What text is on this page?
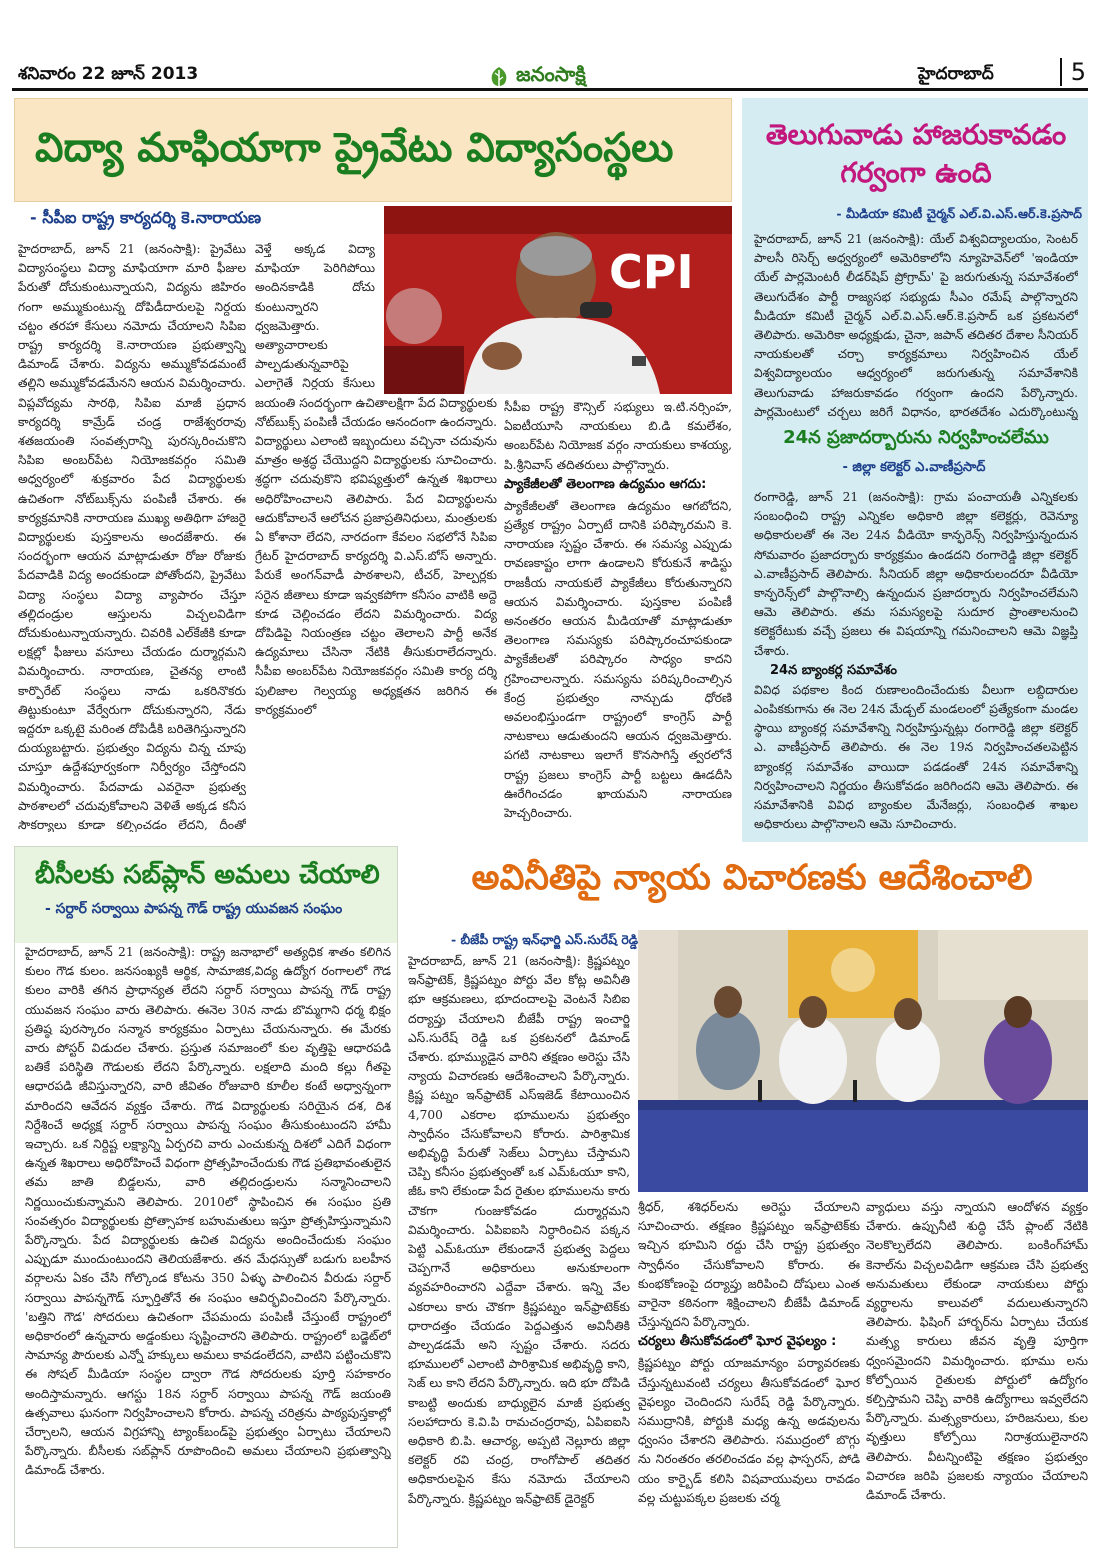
శనివారం 22 జూన్ 2013	జనంసాక్షి	హైదరాబాద్	5
విద్యా మాఫియాగా ప్రైవేటు విద్యాసంస్థలు
- సీపీఐ రాష్ట్ర కార్యదర్శి కె.నారాయణ
CPI
హైదరాబాద్, జూన్ 21 (జనంసాక్షి): ప్రైవేటు విద్యాసంస్థలు విద్యా మాఫియాగా మారి ఫీజుల పేరుతో దోచుకుంటున్నాయని, విద్యను జిహిరం గంగా అమ్ముకుంటున్న దోపిడీదారులపై నిర్దయ చట్టం తరహా కేసులు నమోదు చేయాలని సిపిఐ రాష్ట్ర కార్యదర్శి కె.నారాయణ ప్రభుత్వాన్ని డిమాండ్ చేశారు. విద్యను అమ్ముకోవడమంటే తల్లిని అమ్ముకోవడమేనని ఆయన విమర్శించారు. విప్లవోద్యమ సారథి, సిపిఐ మాజీ ప్రధాన కార్యదర్శి కామ్రేడ్ చండ్ర రాజేశ్వరరావు శతజయంతి సంవత్సరాన్ని పురస్కరించుకొని సిపిఐ అంబర్‌పేట నియోజకవర్గం సమితి అధ్వర్యంలో శుక్రవారం పేద విద్యార్థులకు ఉచితంగా నోట్‌బుక్స్‌ను పంపిణీ చేశారు. ఈ కార్యక్రమానికి నారాయణ ముఖ్య అతిథిగా హాజరై విద్యార్థులకు పుస్తకాలను అందజేశారు. ఈ సందర్భంగా ఆయన మాట్లాడుతూ రోజు రోజుకు పేదవాడికి విద్య అందకుండా పోతోందని, ప్రైవేటు విద్యా సంస్థలు విద్యా వ్యాపారం చేస్తూ తల్లిదండ్రుల ఆస్తులను విచ్చలవిడిగా దోచుకుంటున్నాయన్నారు. చివరికి ఎల్‌కేజీకి కూడా లక్షల్లో ఫీజులు వసూలు చేయడం దుర్మార్గమని విమర్శించారు. నారాయణ, చైతన్య లాంటి కార్పొరేట్ సంస్థలు నాడు ఒకరినొకరు తిట్టుకుంటూ వేర్వేరుగా దోచుకున్నారని, నేడు ఇద్దరూ ఒక్కటై మరింత దోపిడీకి బరితెగిస్తున్నారని దుయ్యబట్టారు. ప్రభుత్వం విద్యను చిన్న చూపు చూస్తూ ఉద్దేశపూర్వకంగా నిర్వీర్యం చేస్తోందని విమర్శించారు. పేదవాడు ఎవరైనా ప్రభుత్వ పాఠశాలలో చదువుకోవాలని వెళితే అక్కడ కనీస సౌకర్యాలు కూడా కల్పించడం లేదని, దీంతో
వెళ్తే అక్కడ విద్యా మాఫియా పెరిగిపోయి అందినకాడికి దోచు కుంటున్నారని ధ్వజమెత్తారు. అత్యాచారాలకు పాల్పడుతున్నవారిపై ఎలాగైతే నిర్దయ కేసులు
జయంతి సందర్భంగా ఉచితాలక్షిగా పేద విద్యార్థులకు నోట్‌బుక్స్ పంపిణీ చేయడం ఆనందంగా ఉందన్నారు. విద్యార్థులు ఎలాంటి ఇబ్బందులు వచ్చినా చదువును మాత్రం అశ్రద్ధ చేయొద్దని విద్యార్థులకు సూచించారు. శ్రద్ధగా చదువుకొని భవిష్యత్తులో ఉన్నత శిఖరాలు అధిరోహించాలని తెలిపారు. పేద విద్యార్థులను ఆదుకోవాలనే ఆలోచన ప్రజాప్రతినిధులు, మంత్రులకు ఏ కోశానా లేదని, నారదంగా కేవలం సభలోనే సిపిఐ గ్రేటర్ హైదరాబాద్ కార్యదర్శి వి.ఎస్.బోస్ అన్నారు. పేరుకే అంగన్‌వాడీ పాఠశాలని, టీచర్, హెల్పర్లకు సరైన జీతాలు కూడా ఇవ్వకపోగా కనీసం వాటికి అద్దె కూడ చెల్లించడం లేదని విమర్శించారు. విద్య దోపిడిపై నియంత్రణ చట్టం తెలాలని పార్టీ అనేక ఉద్యమాలు చేసినా నేటికి తీసుకురాలేదన్నారు. సీపీఐ అంబర్‌పేట నియోజకవర్గం సమితి కార్య దర్శి పులిజాల గెల్వయ్య అధ్యక్షతన జరిగిన ఈ కార్యక్రమంలో
సీపీఐ రాష్ట్ర కౌన్సిల్ సభ్యులు ఇ.టి.నర్సింహ, ఏఐటీయూసి నాయకులు బి.డి కమలేశం, అంబర్‌పేట నియోజక వర్గం నాయకులు కాశయ్య, పి.శ్రీనివాస్ తదితరులు పాల్గొన్నారు.
ప్యాకేజీలతో తెలంగాణ ఉద్యమం ఆగదు:
ప్యాకేజీలతో తెలంగాణ ఉద్యమం ఆగబోదని, ప్రత్యేక రాష్ట్రం ఏర్పాటే దానికి పరిష్కారమని కె. నారాయణ స్పష్టం చేశారు. ఈ సమస్య ఎప్పుడు రావణకాష్టం లాగా ఉండాలని కోరుకునే శాడిస్టు రాజకీయ నాయకులే ప్యాకేజీలు కోరుతున్నారని ఆయన విమర్శించారు. పుస్తకాల పంపిణీ అనంతరం ఆయన మీడియాతో మాట్లాడుతూ తెలంగాణ సమస్యకు పరిష్కారంచూపకుండా ప్యాకేజీలతో పరిష్కారం సాధ్యం కాదని గ్రహించాలన్నారు. సమస్యను పరిష్కరించాల్సిన కేంద్ర ప్రభుత్వం నాన్చుడు ధోరణి అవలంభిస్తుండగా రాష్ట్రంలో కాంగ్రెస్ పార్టీ నాటకాలు ఆడుతుందని ఆయన ధ్వజమెత్తారు. పగటి నాటకాలు ఇలాగే కొనసాగిస్తే త్వరలోనే రాష్ట్ర ప్రజలు కాంగ్రెస్ పార్టీ బట్టలు ఊడదీసి ఊరేగించడం ఖాయమని నారాయణ హెచ్చరించారు.
తెలుగువాడు హాజరుకావడం గర్వంగా ఉంది
- మీడియా కమిటీ చైర్మన్ ఎల్.వి.ఎస్.ఆర్.కె.ప్రసాద్
హైదరాబాద్, జూన్ 21 (జనంసాక్షి): యేల్ విశ్వవిద్యాలయం, సెంటర్ పాలసీ రిసెర్చ్ అధ్వర్యంలో అమెరికాలోని న్యూహెవెన్‌లో 'ఇండియా యేల్ పార్లమెంటరీ లీడర్‌షిప్ ప్రోగ్రామ్' పై జరుగుతున్న సమావేశంలో తెలుగుదేశం పార్టీ రాజ్యసభ సభ్యుడు సీఎం రమేష్ పాల్గొన్నారని మీడియా కమిటీ చైర్మన్ ఎల్.వి.ఎస్.ఆర్.కె.ప్రసాద్ ఒక ప్రకటనలో తెలిపారు. అమెరికా అధ్యక్షుడు, చైనా, జపాన్ తదితర దేశాల సీనియర్ నాయకులతో చర్చా కార్యక్రమాలు నిర్వహించిన యేల్ విశ్వవిద్యాలయం ఆధ్వర్యంలో జరుగుతున్న సమావేశానికి తెలుగువాడు హాజరుకావడం గర్వంగా ఉందని పేర్కొన్నారు. పార్లమెంటులో చర్చలు జరిగే విధానం, భారతదేశం ఎదుర్కొంటున్న
24న ప్రజాదర్బారును నిర్వహించలేము
- జిల్లా కలెక్టర్ ఎ.వాణీప్రసాద్
రంగారెడ్డి, జూన్ 21 (జనంసాక్షి): గ్రామ పంచాయతీ ఎన్నికలకు సంబంధించి రాష్ట్ర ఎన్నికల అధికారి జిల్లా కలెక్టర్లు, రెవెన్యూ అధికారులతో ఈ నెల 24న వీడియో కాన్ఫరెన్స్ నిర్వహిస్తున్నందున సోమవారం ప్రజాదర్బారు కార్యక్రమం ఉండదని రంగారెడ్డి జిల్లా కలెక్టర్ ఎ.వాణీప్రసాద్ తెలిపారు. సీనియర్ జిల్లా అధికారులందరూ వీడియో కాన్ఫరెన్స్‌లో పాల్గొనాల్సి ఉన్నందున ప్రజాదర్బారు నిర్వహించలేమని ఆమె తెలిపారు. తమ సమస్యలపై సుదూర ప్రాంతాలనుంచి కలెక్టరేటుకు వచ్చే ప్రజలు ఈ విషయాన్ని గమనించాలని ఆమె విజ్ఞప్తి చేశారు.
24న బ్యాంకర్ల సమావేశం
వివిధ పథకాల కింద రుణాలందించేందుకు వీలుగా లబ్దిదారుల ఎంపికకుగాను ఈ నెల 24న మేడ్చల్ మండలంలో ప్రత్యేకంగా మండల స్థాయి బ్యాంకర్ల సమావేశాన్ని నిర్వహిస్తున్నట్లు రంగారెడ్డి జిల్లా కలెక్టర్ ఎ. వాణీప్రసాద్ తెలిపారు. ఈ నెల 19న నిర్వహించతలపెట్టిన బ్యాంకర్ల సమావేశం వాయిదా పడడంతో 24న సమావేశాన్ని నిర్వహించాలని నిర్ణయం తీసుకోవడం జరిగిందని ఆమె తెలిపారు. ఈ సమావేశానికి వివిధ బ్యాంకుల మేనేజర్లు, సంబంధిత శాఖల అధికారులు పాల్గొనాలని ఆమె సూచించారు.
బీసీలకు సబ్‌ప్లాన్ అమలు చేయాలి
- సర్దార్ సర్వాయి పాపన్న గౌడ్ రాష్ట్ర యువజన సంఘం
హైదరాబాద్, జూన్ 21 (జనంసాక్షి): రాష్ట్ర జనాభాలో అత్యధిక శాతం కలిగిన కులం గౌడ కులం. జనసంఖ్యకి ఆర్థిక, సామాజిక,విద్య ఉద్యోగ రంగాలలో గౌడ కులం వారికి తగిన ప్రాధాన్యత లేదని సర్దార్ సర్వాయి పాపన్న గౌడ్ రాష్ట్ర యువజన సంఘం వారు తెలిపారు. ఈనెల 30న నాడు బొమ్మగాని ధర్మ భిక్షం ప్రతిష్ఠ పురస్కారం సన్మాన కార్యక్రమం ఏర్పాటు చేయనున్నారు. ఈ మేరకు వారు పోస్టర్ విడుదల చేశారు. ప్రస్తుత సమాజంలో కుల వృత్తిపై ఆధారపడి బతికే పరిస్థితి గౌడులకు లేదని పేర్కొన్నారు. లక్షలాది మంది కల్లు గీతపై ఆధారపడి జీవిస్తున్నారని, వారి జీవితం రోజువారి కూలీల కంటే అధ్వాన్నంగా మారిందని ఆవేదన వ్యక్తం చేశారు. గౌడ విద్యార్థులకు సరియైన దశ, దిశ నిర్దేశించే అధ్యక్ష సర్దార్ సర్వాయి పాపన్న సంఘం తీసుకుంటుందని హామీ ఇచ్చారు. ఒక నిర్దిష్ట లక్ష్యాన్ని ఏర్పరచి వారు ఎంచుకున్న దిశలో ఎదిగే విధంగా ఉన్నత శిఖరాలు అధిరోహించే విధంగా ప్రోత్సహించేందుకు గౌడ ప్రతిభావంతులైన తమ జాతి బిడ్డలను, వారి తల్లిదండ్రులను సన్మానించాలని నిర్ణయించుకున్నామని తెలిపారు. 2010లో స్థాపించిన ఈ సంఘం ప్రతి సంవత్సరం విద్యార్థులకు ప్రోత్సాహక బహుమతులు ఇస్తూ ప్రోత్సహిస్తున్నామని పేర్కొన్నారు. పేద విద్యార్థులకు ఉచిత విద్యను అందించేందుకు సంఘం ఎప్పుడూ ముందుంటుందని తెలియజేశారు. తన మేధస్సుతో బడుగు బలహీన వర్గాలను ఏకం చేసి గోల్కొండ కోటను 350 ఏళ్ళు పాలించిన వీరుడు సర్దార్ సర్వాయి పాపన్నగౌడ్ స్ఫూర్తితోనే ఈ సంఘం ఆవిర్భవించిందని పేర్కొన్నారు. 'బత్తిని గౌడ' సోదరులు ఉచితంగా చేపమందు పంపిణీ చేస్తుంటే రాష్ట్రంలో అధికారంలో ఉన్నవారు అడ్డంకులు సృష్టించారని తెలిపారు. రాష్ట్రంలో బడ్జెట్‌లో సామాన్య పౌరులకు ఎన్నో హక్కులు అమలు కావడంలేదని, వాటిని పట్టించుకొని ఈ సోషల్ మీడియా సంస్థల ద్వారా గౌడ సోదరులకు పూర్తి సహకారం అందిస్తామన్నారు. ఆగస్టు 18న సర్దార్ సర్వాయి పాపన్న గౌడ్ జయంతి ఉత్సవాలు ఘనంగా నిర్వహించాలని కోరారు. పాపన్న చరిత్రను పాఠ్యపుస్తకాల్లో చేర్చాలని, ఆయన విగ్రహాన్ని ట్యాంక్‌బండ్‌పై ప్రభుత్వం ఏర్పాటు చేయాలని పేర్కొన్నారు. బీసీలకు సబ్‌ప్లాన్ రూపొందించి అమలు చేయాలని ప్రభుత్వాన్ని డిమాండ్ చేశారు.
అవినీతిపై న్యాయ విచారణకు ఆదేశించాలి
- బీజేపీ రాష్ట్ర ఇన్‌ఛార్జి ఎస్.సురేష్ రెడ్డి
హైదరాబాద్, జూన్ 21 (జనంసాక్షి): క్రిష్ణపట్నం ఇన్‌ఫ్రాటెక్, క్రిష్ణపట్నం పోర్టు వేల కోట్ల అవినీతి భూ ఆక్రమణలు, భూదందాలపై వెంటనే సిబిఐ దర్యాప్తు చేయాలని బీజేపీ రాష్ట్ర ఇంచార్జి ఎస్.సురేష్ రెడ్డి ఒక ప్రకటనలో డిమాండ్ చేశారు. భూమ్యుడైన వారిని తక్షణం అరెస్టు చేసి న్యాయ విచారణకు ఆదేశించాలని పేర్కొన్నారు. క్రిష్ణ పట్నం ఇన్‌ఫ్రాటెక్ ఎస్ఇజెడ్ కేటాయించిన 4,700 ఎకరాల భూములను ప్రభుత్వం స్వాధీనం చేసుకోవాలని కోరారు. పారిశ్రామిక అభివృద్ధి పేరుతో సెజ్‌లు ఏర్పాటు చేస్తామని చెప్పి కనీసం ప్రభుత్వంతో ఒక ఎమ్‌ఓయూ కాని, జీఓ కాని లేకుండా పేద రైతుల భూములను కారు చౌకగా గుంజుకోవడం దుర్మార్గమని విమర్శించారు. ఏపిఐఐసి నిర్ధారించిన పక్కన పెట్టి ఎమ్‌ఓయూ లేకుండానే ప్రభుత్వ పెద్దలు చెప్పగానే అధికారులు అనుకూలంగా వ్యవహరించారని ఎద్దేవా చేశారు. ఇన్ని వేల ఎకరాలు కారు చౌకగా క్రిష్ణపట్నం ఇన్‌ఫ్రాటెక్‌కు ధారాదత్తం చేయడం పెద్దఎత్తున అవినీతికి పాల్పడడమే అని స్పష్టం చేశారు. సదరు భూములలో ఎలాంటి పారిశ్రామిక అభివృద్ధి కాని, సెజ్ లు కాని లేదని పేర్కొన్నారు. ఇది భూ దోపిడి కాబట్టి అందుకు బాధ్యులైన మాజీ ప్రభుత్వ సలహాదారు కె.వి.పి రామచంద్రరావు, ఏపిఐఐసి అధికారి బి.పి. ఆచార్య, అప్పటి నెల్లూరు జిల్లా కలెక్టర్ రవి చంద్ర, రాంగోపాల్ తదితర అధికారులపైన కేసు నమోదు చేయాలని పేర్కొన్నారు. క్రిష్ణపట్నం ఇన్‌ఫ్రాటెక్ డైరెక్టర్
శ్రీధర్, శశిధర్‌లను అరెస్టు చేయాలని సూచించారు. తక్షణం క్రిష్ణపట్నం ఇన్‌ఫ్రాటెక్‌కు ఇచ్చిన భూమిని రద్దు చేసి రాష్ట్ర ప్రభుత్వం స్వాధీనం చేసుకోవాలని కోరారు. ఈ కుంభకోణంపై దర్యాప్తు జరిపించి దోషులు ఎంత వారైనా కఠినంగా శిక్షించాలని బీజేపీ డిమాండ్ చేస్తున్నదని పేర్కొన్నారు.
చర్యలు తీసుకోవడంలో ఘోర వైఫల్యం :
క్రిష్ణపట్నం పోర్టు యాజమాన్యం పర్యావరణకు చేస్తున్నటువంటి చర్యలు తీసుకోవడంలో ఘోర వైఫల్యం చెందిందని సురేష్ రెడ్డి పేర్కొన్నారు. సముద్రానికి, పోర్టుకి మధ్య ఉన్న అడవులను ధ్వంసం చేశారని తెలిపారు. సముద్రంలో బొగ్గు ను నిరంతరం తరలించడం వల్ల ఫాస్పరస్, పోడి యం కార్బైడ్ కలిసి విషవాయువులు రావడం వల్ల చుట్టుపక్కల ప్రజలకు చర్మ
వ్యాధులు వస్తు న్నాయని ఆందోళన వ్యక్తం చేశారు. ఉప్పునీటి శుద్ధి చేసే ప్లాంట్ నేటికి నెలకొల్పలేదని తెలిపారు. బంకింగ్‌హామ్ కెనాల్‌ను విచ్చలవిడిగా ఆక్రమణ చేసి ప్రభుత్వ అనుమతులు లేకుండా నాయకులు పోర్టు వ్యర్థాలను కాలువలో వదులుతున్నారని తెలిపారు. ఫిషింగ్ హార్బర్‌ను ఏర్పాటు చేయక మత్స్య కారులు జీవన వృత్తి పూర్తిగా ధ్వంసమైందని విమర్శించారు. భూము లను కోల్పోయిన రైతులకు పోర్టులో ఉద్యోగం కల్పిస్తామని చెప్పి వారికి ఉద్యోగాలు ఇవ్వలేదని పేర్కొన్నారు. మత్స్యకారులు, హరిజనులు, కుల వృత్తులు కోల్పోయి నిరాశ్రయులైనారని తెలిపారు. వీటన్నింటిపై తక్షణం ప్రభుత్వం విచారణ జరిపి ప్రజలకు న్యాయం చేయాలని డిమాండ్ చేశారు.
